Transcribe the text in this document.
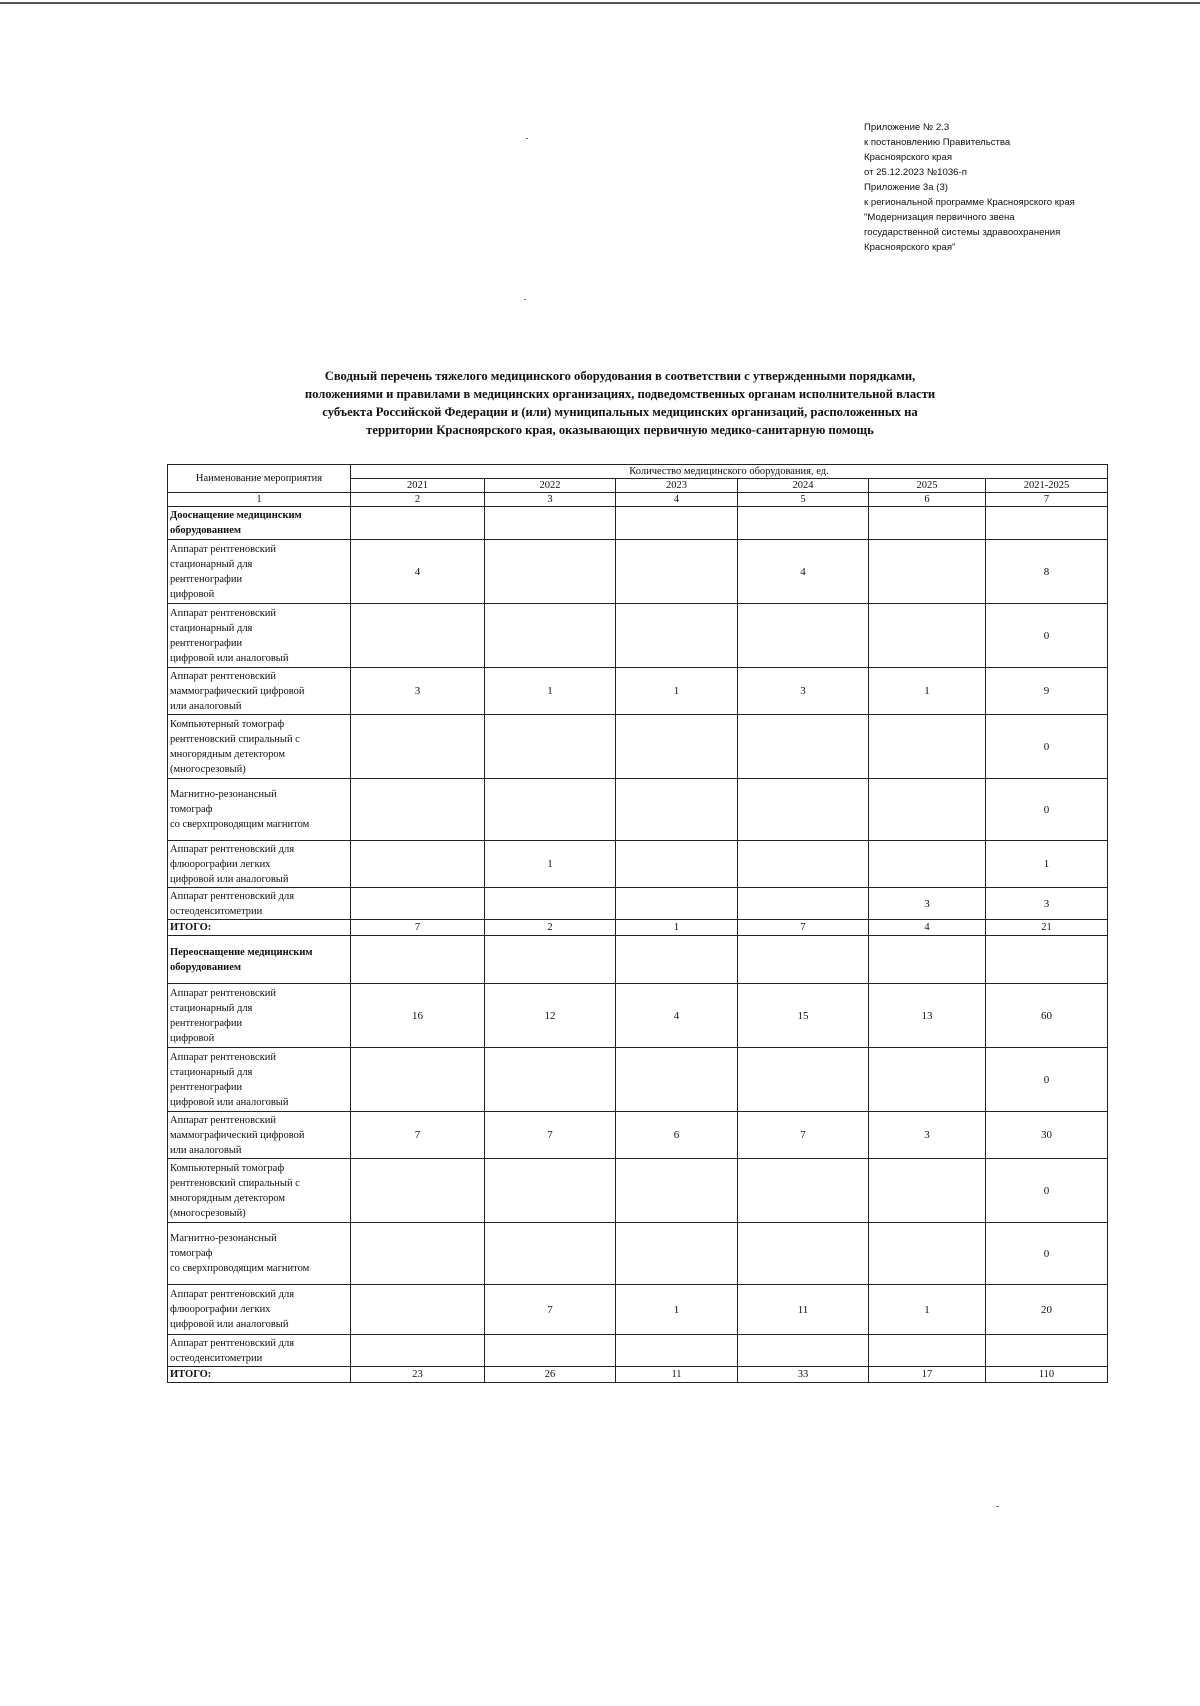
Приложение № 2.3
к постановлению Правительства
Красноярского края
от 25.12.2023 №1036-п
Приложение 3а (3)
к региональной программе Красноярского края
"Модернизация первичного звена
государственной системы здравоохранения
Красноярского края"
Сводный перечень тяжелого медицинского оборудования в соответствии с утвержденными порядками,
положениями и правилами в медицинских организациях, подведомственных органам исполнительной власти
субъекта Российской Федерации и (или) муниципальных медицинских организаций, расположенных на
территории Красноярского края, оказывающих первичную медико-санитарную помощь
Наименование мероприятия	Количество медицинского оборудования, ед.					
	2021	2022	2023	2024	2025	2021-2025
1	2	3	4	5	6	7
Дооснащение медицинским оборудованием						
Аппарат рентгеновский
стационарный для
рентгенографии
цифровой	4			4		8
Аппарат рентгеновский
стационарный для
рентгенографии
цифровой или аналоговый						0
Аппарат рентгеновский
маммографический цифровой
или аналоговый	3	1	1	3	1	9
Компьютерный томограф
рентгеновский спиральный с
многорядным детектором
(многосрезовый)						0
Магнитно-резонансный
томограф
со сверхпроводящим магнитом						0
Аппарат рентгеновский для
флюорографии легких
цифровой или аналоговый		1				1
Аппарат рентгеновский для
остеоденситометрии					3	3
ИТОГО:	7	2	1	7	4	21
Переоснащение медицинским оборудованием						
Аппарат рентгеновский
стационарный для
рентгенографии
цифровой	16	12	4	15	13	60
Аппарат рентгеновский
стационарный для
рентгенографии
цифровой или аналоговый						0
Аппарат рентгеновский
маммографический цифровой
или аналоговый	7	7	6	7	3	30
Компьютерный томограф
рентгеновский спиральный с
многорядным детектором
(многосрезовый)						0
Магнитно-резонансный
томограф
со сверхпроводящим магнитом						0
Аппарат рентгеновский для
флюорографии легких
цифровой или аналоговый		7	1	11	1	20
Аппарат рентгеновский для
остеоденситометрии						
ИТОГО:	23	26	11	33	17	110
